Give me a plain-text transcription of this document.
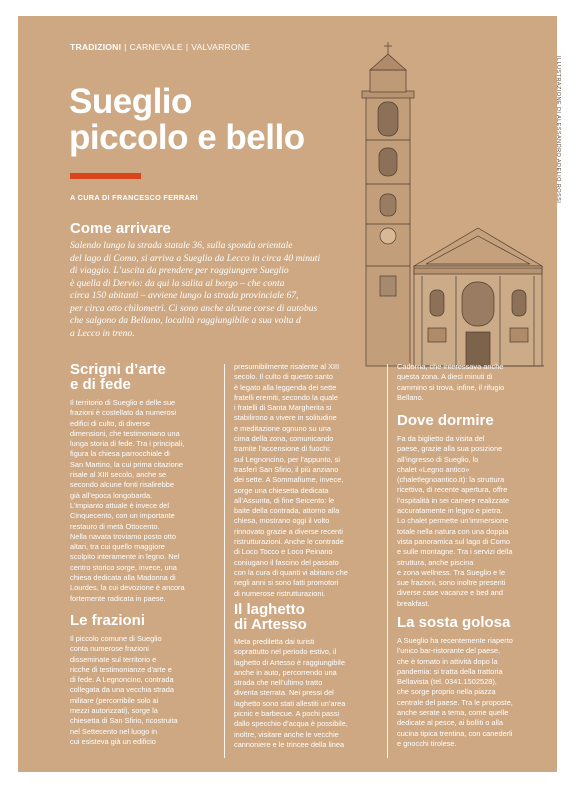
TRADIZIONI | CARNEVALE | VALVARRONE
Sueglio
piccolo e bello
A CURA DI FRANCESCO FERRARI
Come arrivare
Salendo lungo la strada statale 36, sulla sponda orientale
del lago di Como, si arriva a Sueglio da Lecco in circa 40 minuti
di viaggio. L’uscita da prendere per raggiungere Sueglio
è quella di Dervio: da qui la salita al borgo – che conta
circa 150 abitanti – avviene lungo la strada provinciale 67,
per circa otto chilometri. Ci sono anche alcune corse di autobus
che salgono da Bellano, località raggiungibile a sua volta d
a Lecco in treno.
ILLUSTRAZIONE DI ALESSANDRO ADELIO ROSSI
Scrigni d’arte
e di fede
Il territorio di Sueglio e delle sue
frazioni è costellato da numerosi
edifici di culto, di diverse
dimensioni, che testimoniano una
lunga storia di fede. Tra i principali,
figura la chiesa parrocchiale di
San Martino, la cui prima citazione
risale al XIII secolo, anche se
secondo alcune fonti risalirebbe
già all’epoca longobarda.
L’impianto attuale è invece del
Cinquecento, con un importante
restauro di metà Ottocento.
Nella navata troviamo posto otto
altari, tra cui quello maggiore
scolpito interamente in legno. Nel
centro storico sorge, invece, una
chiesa dedicata alla Madonna di
Lourdes, la cui devozione è ancora
fortemente radicata in paese.
Le frazioni
Il piccolo comune di Sueglio
conta numerose frazioni
disseminate sul territorio e
ricche di testimonianze d’arte e
di fede. A Legnoncino, contrada
collegata da una vecchia strada
militare (percorribile solo ai
mezzi autorizzati), sorge la
chiesetta di San Sfirio, ricostruita
nel Settecento nel luogo in
cui esisteva già un edificio
presumibilmente risalente al XIII
secolo. Il culto di questo santo
è legato alla leggenda dei sette
fratelli eremiti, secondo la quale
i fratelli di Santa Margherita si
stabilirono a vivere in solitudine
e meditazione ognuno su una
cima della zona, comunicando
tramite l’accensione di fuochi:
sul Legnoncino, per l’appunto, si
trasferì San Sfirio, il più anziano
dei sette. A Sommafiume, invece,
sorge una chiesetta dedicata
all’Assunta, di fine Seicento: le
baite della contrada, attorno alla
chiesa, mostrano oggi il volto
rinnovato grazie a diverse recenti
ristrutturazioni. Anche le contrade
di Loco Tocco e Loco Peinano
coniugano il fascino del passato
con la cura di quanti vi abitano che
negli anni si sono fatti promotori
di numerose ristrutturazioni.
Il laghetto
di Artesso
Meta prediletta dai turisti
soprattutto nel periodo estivo, il
laghetto di Artesso è raggiungibile
anche in auto, percorrendo una
strada che nell’ultimo tratto
diventa sterrata. Nei pressi del
laghetto sono stati allestiti un’area
picnic e barbecue. A pochi passi
dallo specchio d’acqua è possibile,
inoltre, visitare anche le vecchie
cannoniere e le trincee della linea
Cadorna, che interessava anche
questa zona. A dieci minuti di
cammino si trova, infine, il rifugio
Bellano.
Dove dormire
Fa da biglietto da visita del
paese, grazie alla sua posizione
all’ingresso di Sueglio, lo
chalet «Legno antico»
(chaletlegnoantico.it): la struttura
ricettiva, di recente apertura, offre
l’ospitalità in sei camere realizzate
accuratamente in legno e pietra.
Lo chalet permette un’immersione
totale nella natura con una doppia
vista panoramica sul lago di Como
e sulle montagne. Tra i servizi della
struttura, anche piscina
e zona wellness. Tra Sueglio e le
sue frazioni, sono inoltre presenti
diverse case vacanze e bed and
breakfast.
La sosta golosa
A Sueglio ha recentemente riaperto
l’unico bar-ristorante del paese,
che è tornato in attività dopo la
pandemia: si tratta della trattoria
Bellavista (tel. 0341.1502528),
che sorge proprio nella piazza
centrale del paese. Tra le proposte,
anche serate a tema, come quelle
dedicate al pesce, ai bolliti o alla
cucina tipica trentina, con canederli
e gnocchi tirolese.
